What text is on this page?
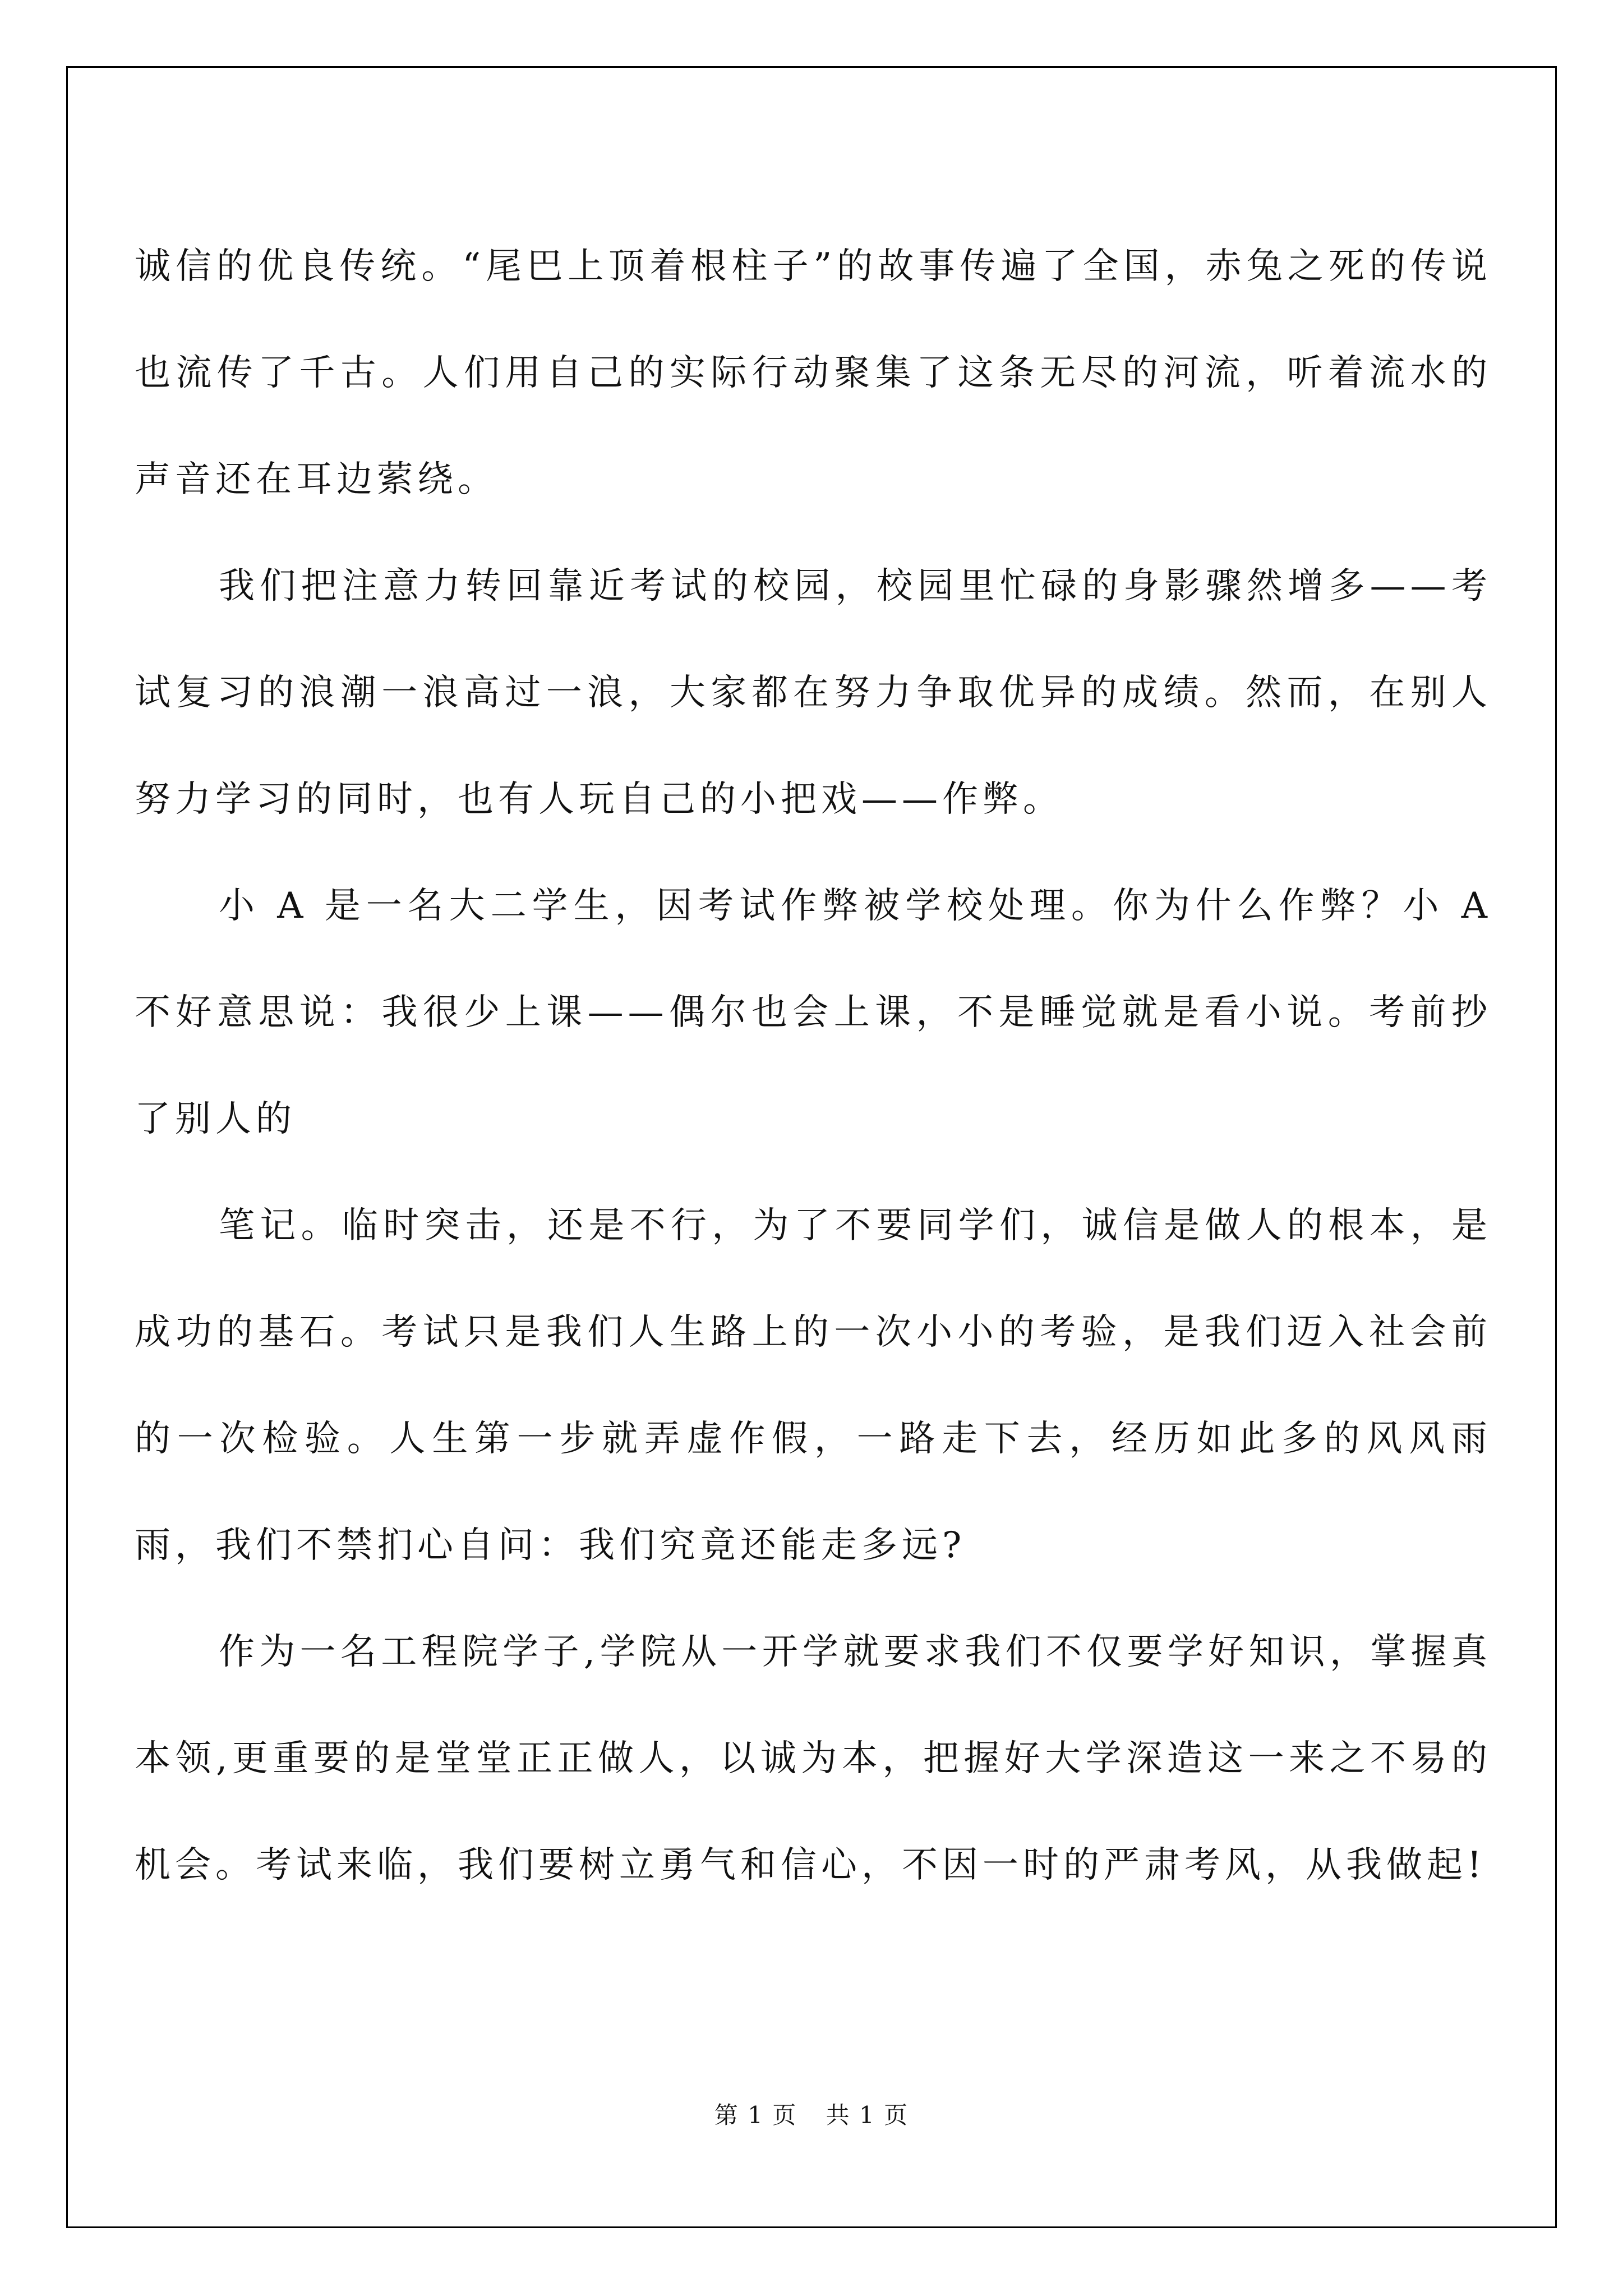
诚信的优良传统。“尾巴上顶着根柱子”的故事传遍了全国，赤兔之死的传说也流传了千古。人们用自己的实际行动聚集了这条无尽的河流，听着流水的声音还在耳边萦绕。

我们把注意力转回靠近考试的校园，校园里忙碌的身影骤然增多——考试复习的浪潮一浪高过一浪，大家都在努力争取优异的成绩。然而，在别人努力学习的同时，也有人玩自己的小把戏——作弊。

小 A 是一名大二学生，因考试作弊被学校处理。你为什么作弊？小 A 不好意思说：我很少上课——偶尔也会上课，不是睡觉就是看小说。考前抄了别人的

笔记。临时突击，还是不行，为了不要同学们，诚信是做人的根本，是成功的基石。考试只是我们人生路上的一次小小的考验，是我们迈入社会前的一次检验。人生第一步就弄虚作假，一路走下去，经历如此多的风风雨雨，我们不禁扪心自问：我们究竟还能走多远?

作为一名工程院学子,学院从一开学就要求我们不仅要学好知识，掌握真本领,更重要的是堂堂正正做人，以诚为本，把握好大学深造这一来之不易的机会。考试来临，我们要树立勇气和信心，不因一时的严肃考风，从我做起!

第 1 页 共 1 页
